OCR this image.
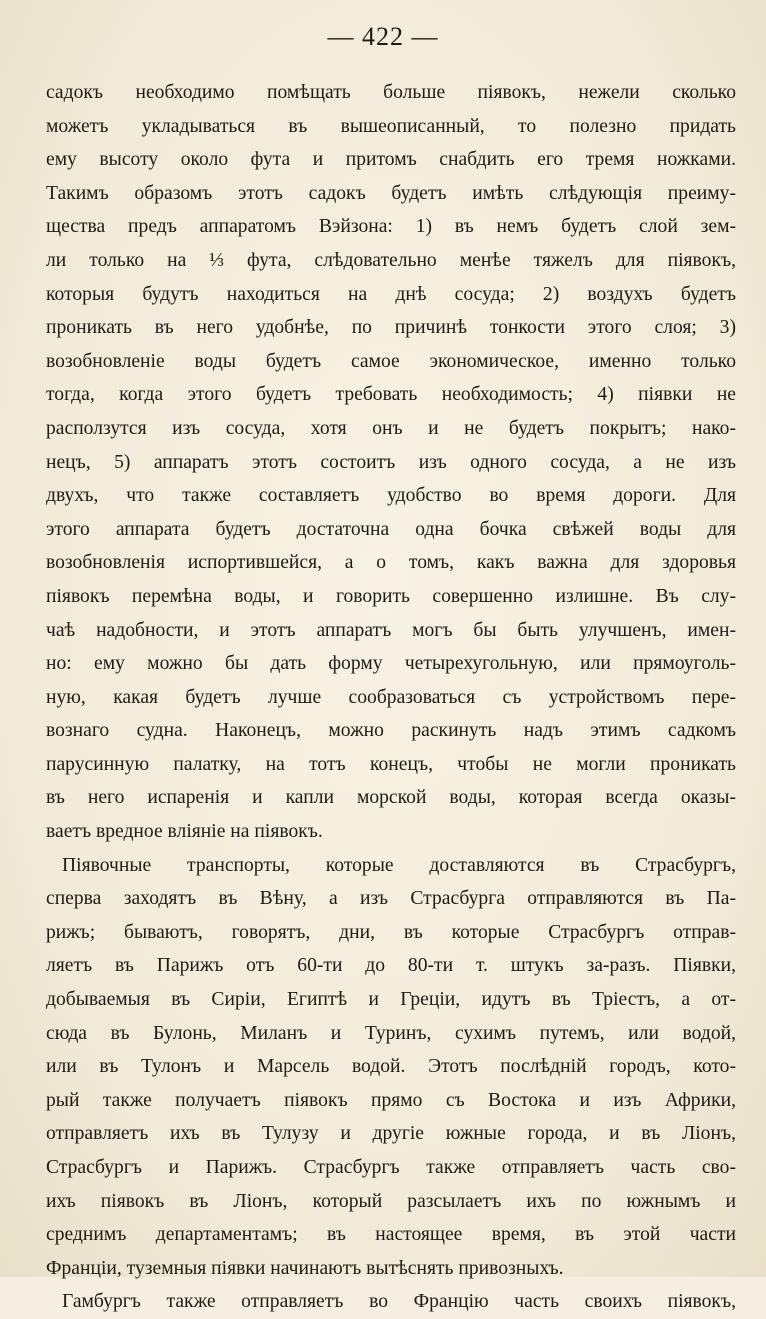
— 422 —
садокъ необходимо помѣщать больше піявокъ, нежели сколько
можетъ укладываться въ вышеописанный, то полезно придать
ему высоту около фута и притомъ снабдить его тремя ножками.
Такимъ образомъ этотъ садокъ будетъ имѣть слѣдующія преиму-
щества предъ аппаратомъ Вэйзона: 1) въ немъ будетъ слой зем-
ли только на ⅓ фута, слѣдовательно менѣе тяжелъ для піявокъ,
которыя будутъ находиться на днѣ сосуда; 2) воздухъ будетъ
проникать въ него удобнѣе, по причинѣ тонкости этого слоя; 3)
возобновленіе воды будетъ самое экономическое, именно только
тогда, когда этого будетъ требовать необходимость; 4) піявки не
расползутся изъ сосуда, хотя онъ и не будетъ покрытъ; нако-
нецъ, 5) аппаратъ этотъ состоитъ изъ одного сосуда, а не изъ
двухъ, что также составляетъ удобство во время дороги. Для
этого аппарата будетъ достаточна одна бочка свѣжей воды для
возобновленія испортившейся, а о томъ, какъ важна для здоровья
піявокъ перемѣна воды, и говорить совершенно излишне. Въ слу-
чаѣ надобности, и этотъ аппаратъ могъ бы быть улучшенъ, имен-
но: ему можно бы дать форму четырехугольную, или прямоуголь-
ную, какая будетъ лучше сообразоваться съ устройствомъ пере-
вознаго судна. Наконецъ, можно раскинуть надъ этимъ садкомъ
парусинную палатку, на тотъ конецъ, чтобы не могли проникать
въ него испаренія и капли морской воды, которая всегда оказы-
ваетъ вредное вліяніе на піявокъ.
Піявочные транспорты, которые доставляются въ Страсбургъ,
сперва заходятъ въ Вѣну, а изъ Страсбурга отправляются въ Па-
рижъ; бываютъ, говорятъ, дни, въ которые Страсбургъ отправ-
ляетъ въ Парижъ отъ 60-ти до 80-ти т. штукъ за-разъ. Піявки,
добываемыя въ Сиріи, Египтѣ и Греціи, идутъ въ Тріестъ, а от-
сюда въ Булонь, Миланъ и Туринъ, сухимъ путемъ, или водой,
или въ Тулонъ и Марсель водой. Этотъ послѣдній городъ, кото-
рый также получаетъ піявокъ прямо съ Востока и изъ Африки,
отправляетъ ихъ въ Тулузу и другіе южные города, и въ Ліонъ,
Страсбургъ и Парижъ. Страсбургъ также отправляетъ часть сво-
ихъ піявокъ въ Ліонъ, который разсылаетъ ихъ по южнымъ и
среднимъ департаментамъ; въ настоящее время, въ этой части
Франціи, туземныя піявки начинаютъ вытѣснять привозныхъ.
Гамбургъ также отправляетъ во Францію часть своихъ піявокъ,
